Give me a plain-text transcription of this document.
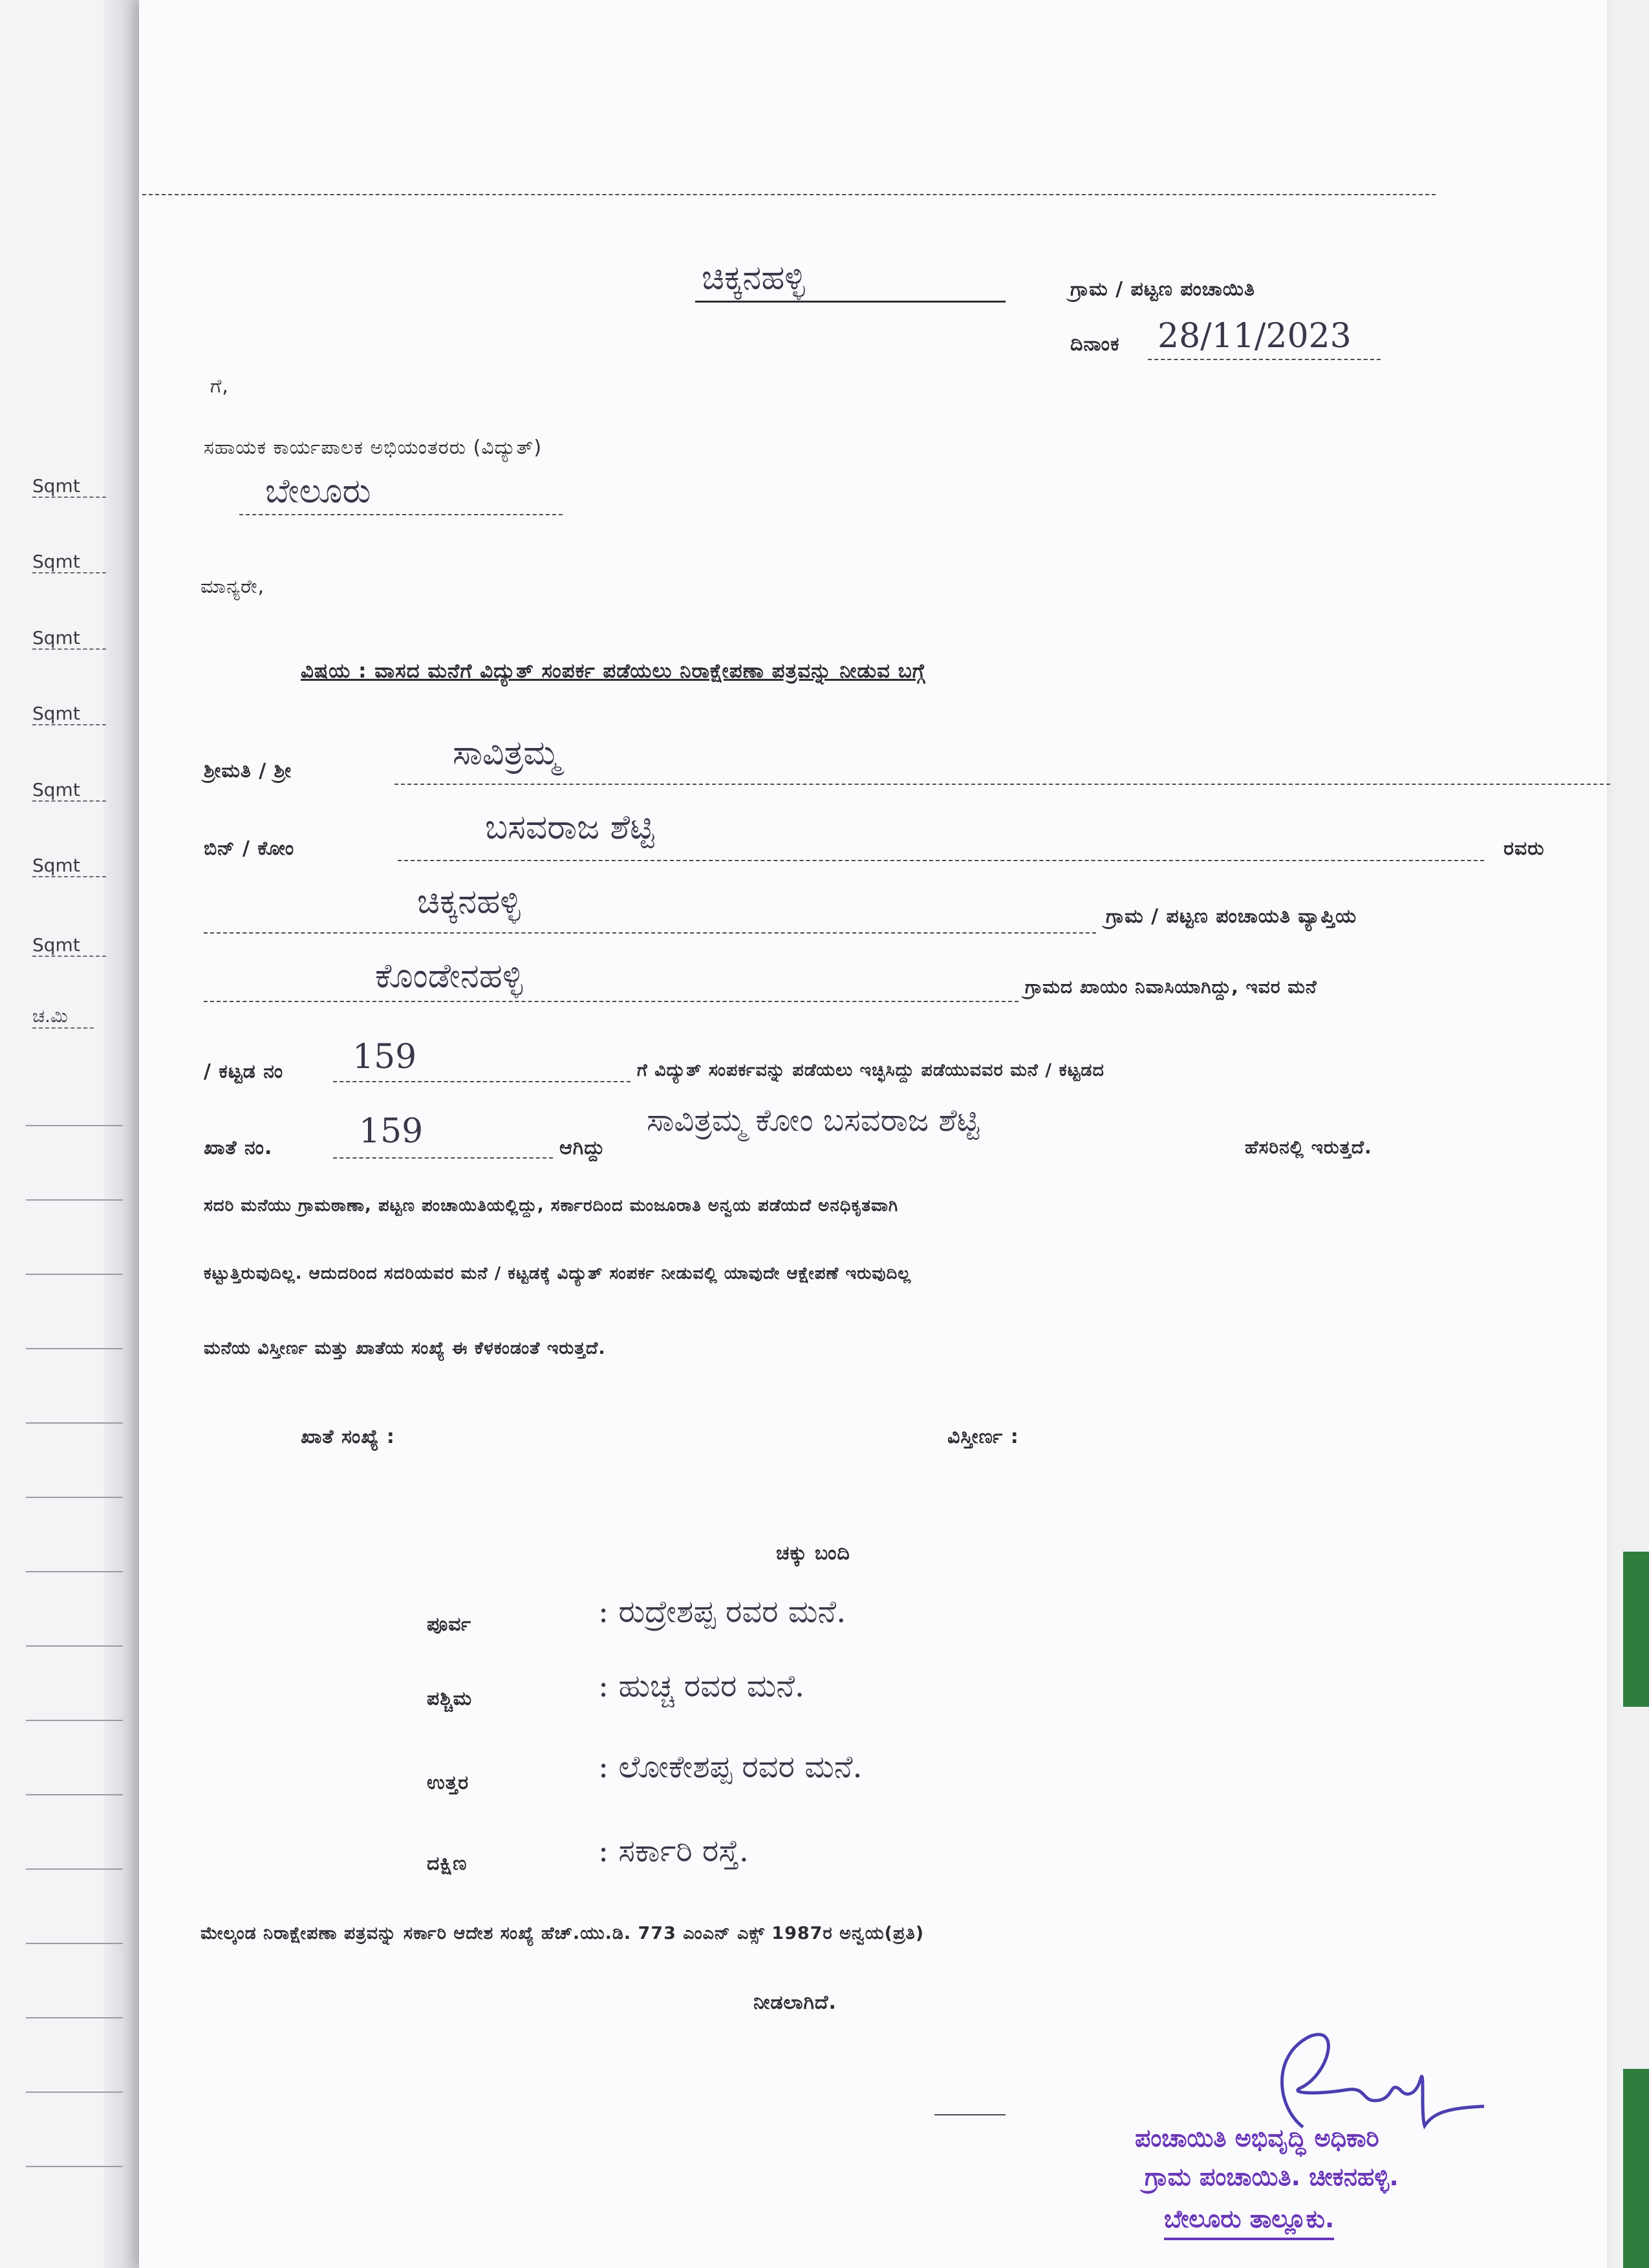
Sqmt
Sqmt
Sqmt
Sqmt
Sqmt
Sqmt
Sqmt
ಚ.ಮಿ
ಚಿಕ್ಕನಹಳ್ಳಿ	ಗ್ರಾಮ / ಪಟ್ಟಣ ಪಂಚಾಯಿತಿ
ದಿನಾಂಕ 28/11/2023
ಗೆ,
ಸಹಾಯಕ ಕಾರ್ಯಪಾಲಕ ಅಭಿಯಂತರರು (ವಿದ್ಯುತ್)
ಬೇಲೂರು
ಮಾನ್ಯರೇ,
ವಿಷಯ : ವಾಸದ ಮನೆಗೆ ವಿದ್ಯುತ್ ಸಂಪರ್ಕ ಪಡೆಯಲು ನಿರಾಕ್ಷೇಪಣಾ ಪತ್ರವನ್ನು ನೀಡುವ ಬಗ್ಗೆ
ಶ್ರೀಮತಿ / ಶ್ರೀ	ಸಾವಿತ್ರಮ್ಮ
ಬಿನ್ / ಕೋಂ
ಬಸವರಾಜ ಶೆಟ್ಟಿ
ರವರು
ಚಿಕ್ಕನಹಳ್ಳಿ	ಗ್ರಾಮ / ಪಟ್ಟಣ ಪಂಚಾಯತಿ ವ್ಯಾಪ್ತಿಯ
ಕೊಂಡೇನಹಳ್ಳಿ	ಗ್ರಾಮದ ಖಾಯಂ ನಿವಾಸಿಯಾಗಿದ್ದು, ಇವರ ಮನೆ
/ ಕಟ್ಟಡ ನಂ 159	ಗೆ ವಿದ್ಯುತ್ ಸಂಪರ್ಕವನ್ನು ಪಡೆಯಲು ಇಚ್ಛಿಸಿದ್ದು ಪಡೆಯುವವರ ಮನೆ / ಕಟ್ಟಡದ
ಖಾತೆ ನಂ.	159	ಆಗಿದ್ದು
ಸಾವಿತ್ರಮ್ಮ ಕೋಂ ಬಸವರಾಜ ಶೆಟ್ಟಿ
ಹೆಸರಿನಲ್ಲಿ ಇರುತ್ತದೆ.
ಸದರಿ ಮನೆಯು ಗ್ರಾಮಠಾಣಾ, ಪಟ್ಟಣ ಪಂಚಾಯಿತಿಯಲ್ಲಿದ್ದು, ಸರ್ಕಾರದಿಂದ ಮಂಜೂರಾತಿ ಅನ್ವಯ ಪಡೆಯದೆ ಅನಧಿಕೃತವಾಗಿ
ಕಟ್ಟುತ್ತಿರುವುದಿಲ್ಲ. ಆದುದರಿಂದ ಸದರಿಯವರ ಮನೆ / ಕಟ್ಟಡಕ್ಕೆ ವಿದ್ಯುತ್ ಸಂಪರ್ಕ ನೀಡುವಲ್ಲಿ ಯಾವುದೇ ಆಕ್ಷೇಪಣೆ ಇರುವುದಿಲ್ಲ
ಮನೆಯ ವಿಸ್ತೀರ್ಣ ಮತ್ತು ಖಾತೆಯ ಸಂಖ್ಯೆ ಈ ಕೆಳಕಂಡಂತೆ ಇರುತ್ತದೆ.
ಖಾತೆ ಸಂಖ್ಯೆ :	ವಿಸ್ತೀರ್ಣ :
ಚಕ್ಕು ಬಂದಿ
ಪೂರ್ವ	: ರುದ್ರೇಶಪ್ಪ ರವರ ಮನೆ.
ಪಶ್ಚಿಮ	: ಹುಚ್ಚ ರವರ ಮನೆ.
ಉತ್ತರ	: ಲೋಕೇಶಪ್ಪ ರವರ ಮನೆ.
ದಕ್ಷಿಣ	: ಸರ್ಕಾರಿ ರಸ್ತೆ.
ಮೇಲ್ಕಂಡ ನಿರಾಕ್ಷೇಪಣಾ ಪತ್ರವನ್ನು ಸರ್ಕಾರಿ ಆದೇಶ ಸಂಖ್ಯೆ ಹೆಚ್.ಯು.ಡಿ. 773 ಎಂಎನ್ ಎಕ್ಸ್ 1987ರ ಅನ್ವಯ(ಪ್ರತಿ)
ನೀಡಲಾಗಿದೆ.
ಪಂಚಾಯಿತಿ ಅಭಿವೃದ್ಧಿ ಅಧಿಕಾರಿ
ಗ್ರಾಮ ಪಂಚಾಯಿತಿ. ಚೀಕನಹಳ್ಳಿ.
ಬೇಲೂರು ತಾಲ್ಲೂಕು.
